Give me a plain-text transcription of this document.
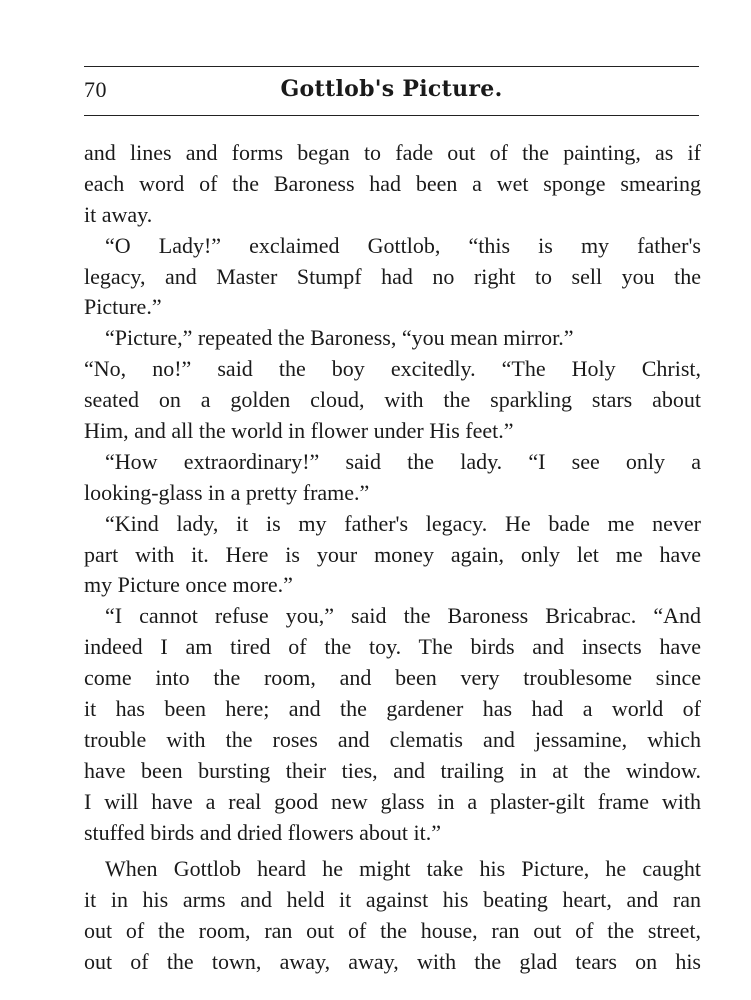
70	Gottlob's Picture.
and lines and forms began to fade out of the painting, as if
each word of the Baroness had been a wet sponge smearing
it away.
“O Lady!” exclaimed Gottlob, “this is my father's
legacy, and Master Stumpf had no right to sell you the
Picture.”
“Picture,” repeated the Baroness, “you mean mirror.”
“No, no!” said the boy excitedly. “The Holy Christ,
seated on a golden cloud, with the sparkling stars about
Him, and all the world in flower under His feet.”
“How extraordinary!” said the lady. “I see only a
looking-glass in a pretty frame.”
“Kind lady, it is my father's legacy. He bade me never
part with it. Here is your money again, only let me have
my Picture once more.”
“I cannot refuse you,” said the Baroness Bricabrac. “And
indeed I am tired of the toy. The birds and insects have
come into the room, and been very troublesome since
it has been here; and the gardener has had a world of
trouble with the roses and clematis and jessamine, which
have been bursting their ties, and trailing in at the window.
I will have a real good new glass in a plaster-gilt frame with
stuffed birds and dried flowers about it.”
When Gottlob heard he might take his Picture, he caught
it in his arms and held it against his beating heart, and ran
out of the room, ran out of the house, ran out of the street,
out of the town, away, away, with the glad tears on his
